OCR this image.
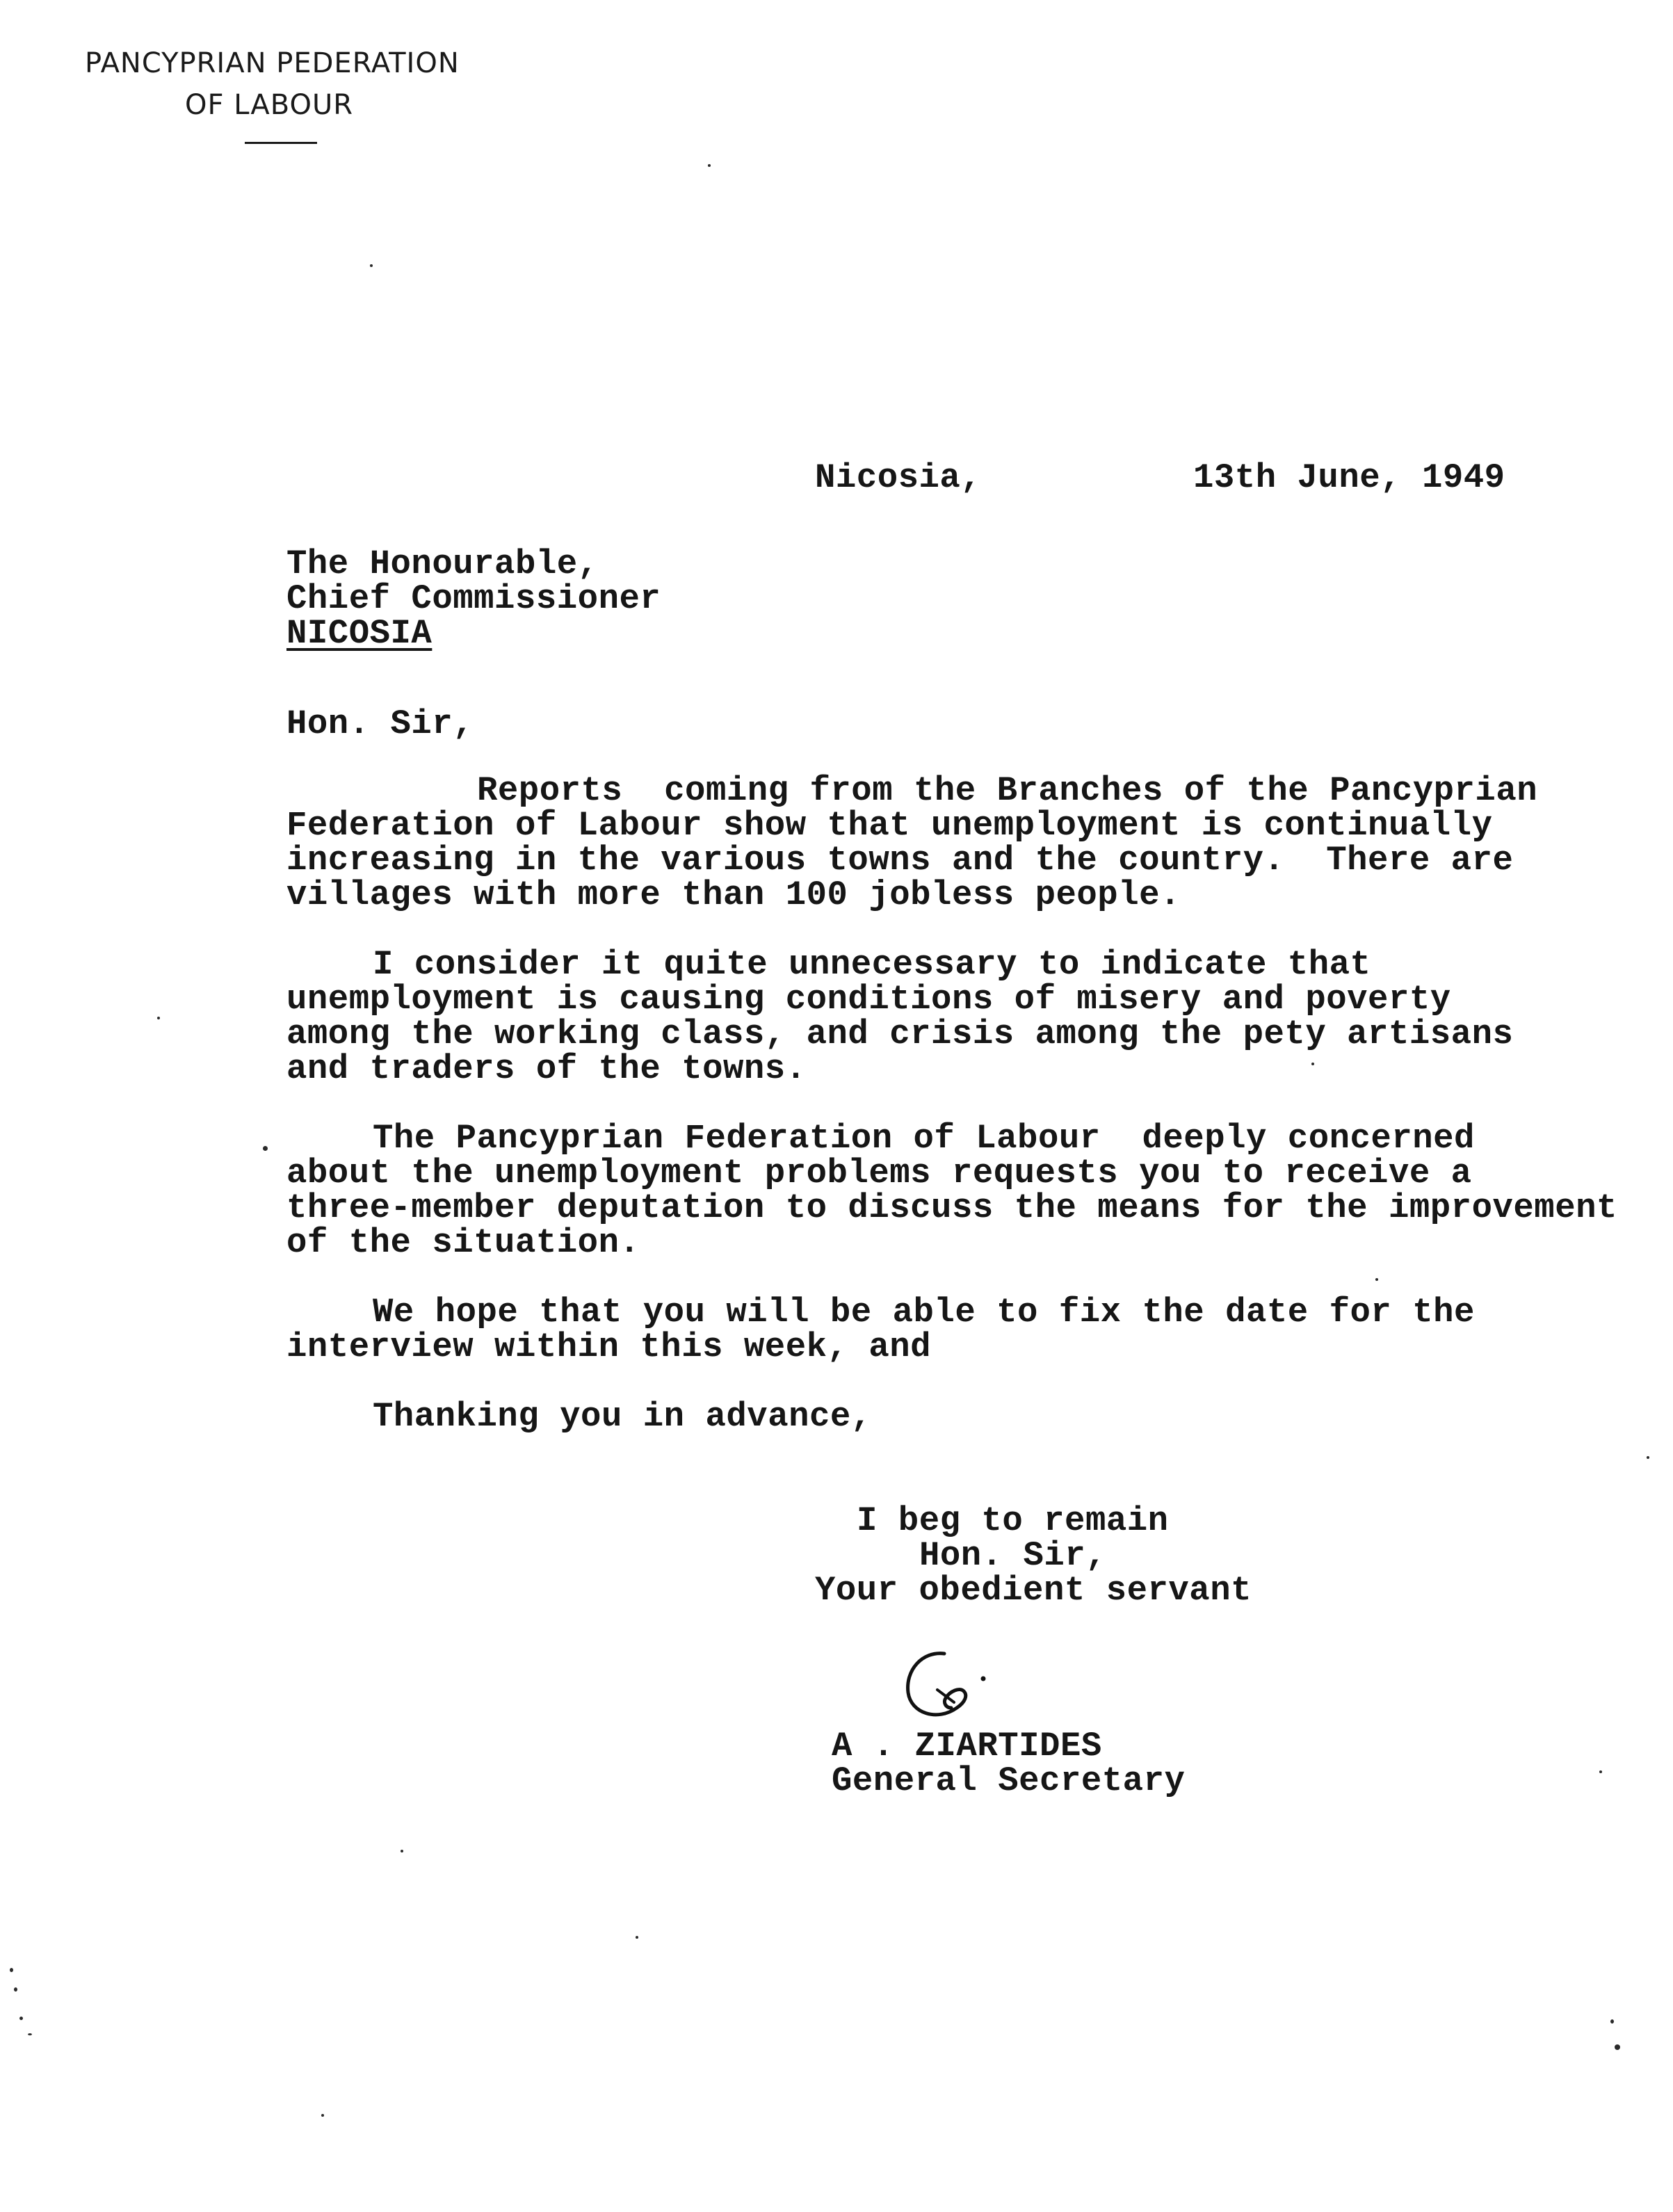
PANCYPRIAN PEDERATION
OF LABOUR
Nicosia,	13th June, 1949
The Honourable,
Chief Commissioner
NICOSIA
Hon. Sir,
Reports  coming from the Branches of the Pancyprian
Federation of Labour show that unemployment is continually
increasing in the various towns and the country.  There are
villages with more than 100 jobless people.
I consider it quite unnecessary to indicate that
unemployment is causing conditions of misery and poverty
among the working class, and crisis among the pety artisans
and traders of the towns.
The Pancyprian Federation of Labour  deeply concerned
about the unemployment problems requests you to receive a
three-member deputation to discuss the means for the improvement
of the situation.
We hope that you will be able to fix the date for the
interview within this week, and
Thanking you in advance,
I beg to remain
Hon. Sir,
Your obedient servant
A . ZIARTIDES
General Secretary
